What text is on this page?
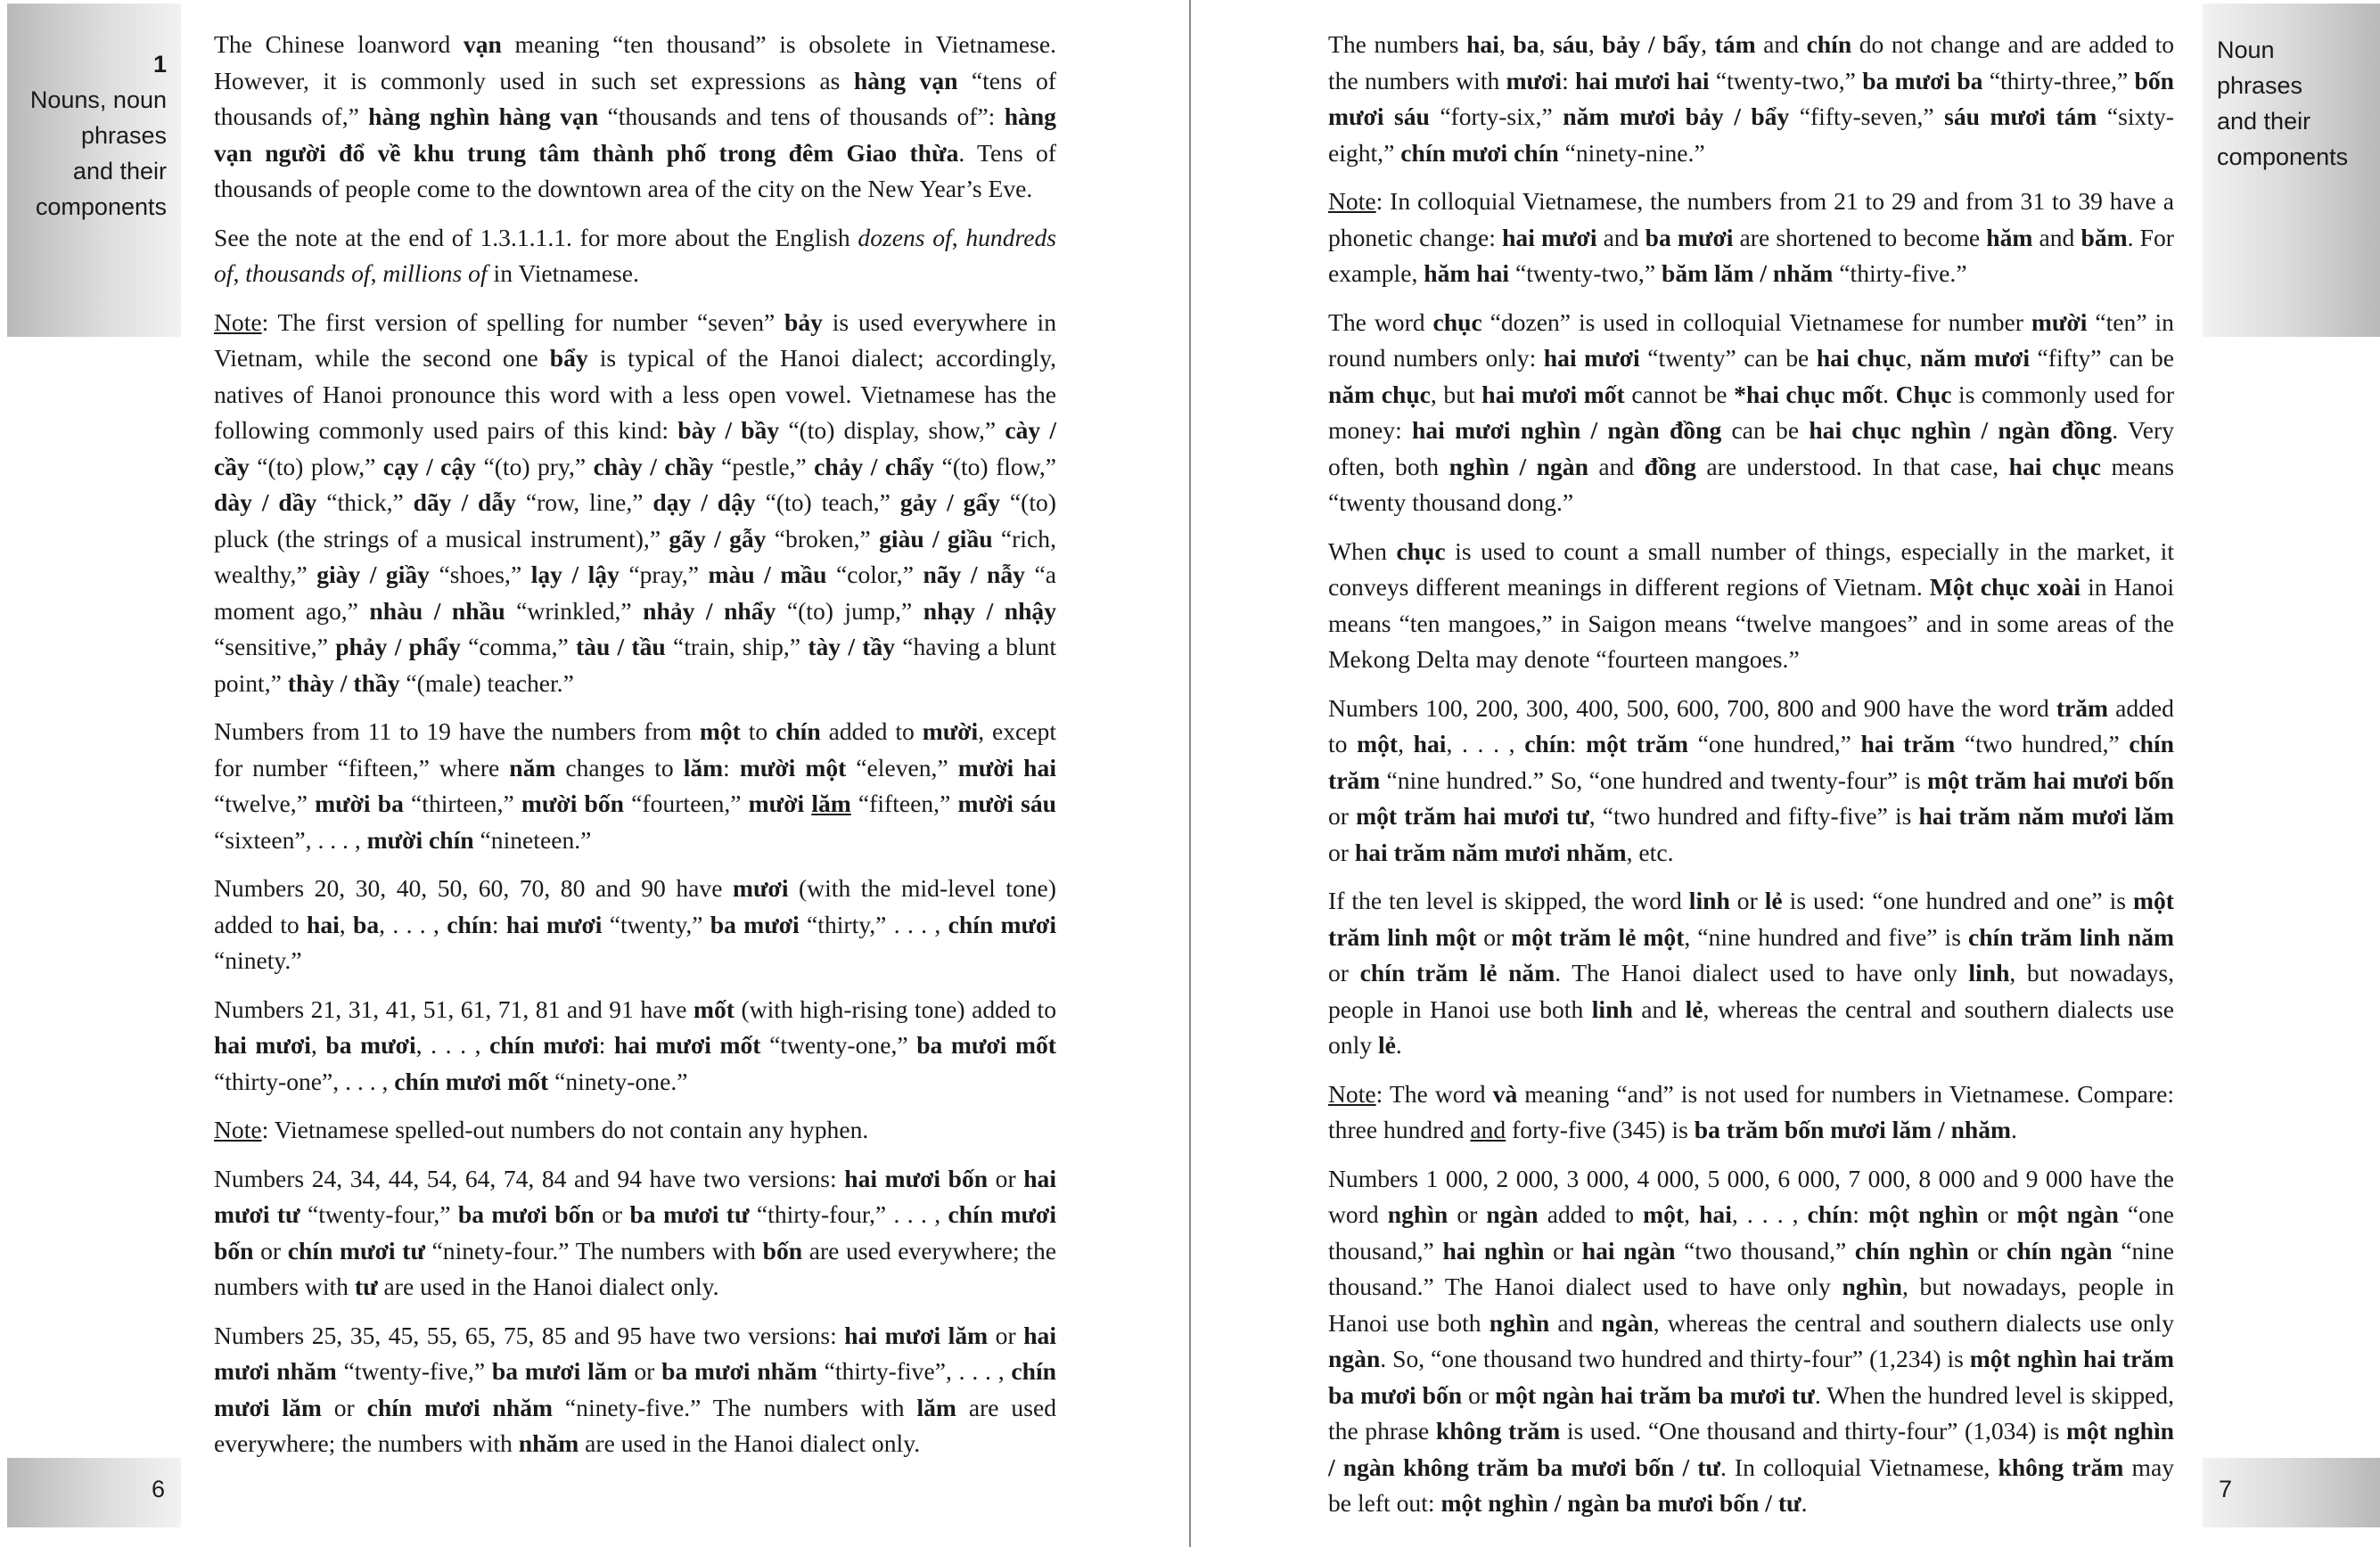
1
Nouns, noun
phrases
and their
components
6

The Chinese loanword vạn meaning “ten thousand” is obsolete in Vietnamese. However, it is commonly used in such set expressions as hàng vạn “tens of thousands of,” hàng nghìn hàng vạn “thousands and tens of thousands of”: hàng vạn người đổ về khu trung tâm thành phố trong đêm Giao thừa. Tens of thousands of people come to the downtown area of the city on the New Year’s Eve.

See the note at the end of 1.3.1.1.1. for more about the English dozens of, hundreds of, thousands of, millions of in Vietnamese.

Note: The first version of spelling for number “seven” bảy is used everywhere in Vietnam, while the second one bẩy is typical of the Hanoi dialect; accordingly, natives of Hanoi pronounce this word with a less open vowel. Vietnamese has the following commonly used pairs of this kind: bày / bầy “(to) display, show,” cày / cầy “(to) plow,” cạy / cậy “(to) pry,” chày / chầy “pestle,” chảy / chẩy “(to) flow,” dày / dầy “thick,” dãy / dẫy “row, line,” dạy / dậy “(to) teach,” gảy / gẩy “(to) pluck (the strings of a musical instrument),” gãy / gẫy “broken,” giàu / giầu “rich, wealthy,” giày / giầy “shoes,” lạy / lậy “pray,” màu / mầu “color,” nãy / nẫy “a moment ago,” nhàu / nhầu “wrinkled,” nhảy / nhẩy “(to) jump,” nhạy / nhậy “sensitive,” phảy / phẩy “comma,” tàu / tầu “train, ship,” tày / tầy “having a blunt point,” thày / thầy “(male) teacher.”

Numbers from 11 to 19 have the numbers from một to chín added to mười, except for number “fifteen,” where năm changes to lăm: mười một “eleven,” mười hai “twelve,” mười ba “thirteen,” mười bốn “fourteen,” mười lăm “fifteen,” mười sáu “sixteen”, . . . , mười chín “nineteen.”

Numbers 20, 30, 40, 50, 60, 70, 80 and 90 have mươi (with the mid-level tone) added to hai, ba, . . . , chín: hai mươi “twenty,” ba mươi “thirty,” . . . , chín mươi “ninety.”

Numbers 21, 31, 41, 51, 61, 71, 81 and 91 have mốt (with high-rising tone) added to hai mươi, ba mươi, . . . , chín mươi: hai mươi mốt “twenty-one,” ba mươi mốt “thirty-one”, . . . , chín mươi mốt “ninety-one.”

Note: Vietnamese spelled-out numbers do not contain any hyphen.

Numbers 24, 34, 44, 54, 64, 74, 84 and 94 have two versions: hai mươi bốn or hai mươi tư “twenty-four,” ba mươi bốn or ba mươi tư “thirty-four,” . . . , chín mươi bốn or chín mươi tư “ninety-four.” The numbers with bốn are used everywhere; the numbers with tư are used in the Hanoi dialect only.

Numbers 25, 35, 45, 55, 65, 75, 85 and 95 have two versions: hai mươi lăm or hai mươi nhăm “twenty-five,” ba mươi lăm or ba mươi nhăm “thirty-five”, . . . , chín mươi lăm or chín mươi nhăm “ninety-five.” The numbers with lăm are used everywhere; the numbers with nhăm are used in the Hanoi dialect only.

Noun
phrases
and their
components
7

The numbers hai, ba, sáu, bảy / bẩy, tám and chín do not change and are added to the numbers with mươi: hai mươi hai “twenty-two,” ba mươi ba “thirty-three,” bốn mươi sáu “forty-six,” năm mươi bảy / bẩy “fifty-seven,” sáu mươi tám “sixty-eight,” chín mươi chín “ninety-nine.”

Note: In colloquial Vietnamese, the numbers from 21 to 29 and from 31 to 39 have a phonetic change: hai mươi and ba mươi are shortened to become hăm and băm. For example, hăm hai “twenty-two,” băm lăm / nhăm “thirty-five.”

The word chục “dozen” is used in colloquial Vietnamese for number mười “ten” in round numbers only: hai mươi “twenty” can be hai chục, năm mươi “fifty” can be năm chục, but hai mươi mốt cannot be *hai chục mốt. Chục is commonly used for money: hai mươi nghìn / ngàn đồng can be hai chục nghìn / ngàn đồng. Very often, both nghìn / ngàn and đồng are understood. In that case, hai chục means “twenty thousand dong.”

When chục is used to count a small number of things, especially in the market, it conveys different meanings in different regions of Vietnam. Một chục xoài in Hanoi means “ten mangoes,” in Saigon means “twelve mangoes” and in some areas of the Mekong Delta may denote “fourteen mangoes.”

Numbers 100, 200, 300, 400, 500, 600, 700, 800 and 900 have the word trăm added to một, hai, . . . , chín: một trăm “one hundred,” hai trăm “two hundred,” chín trăm “nine hundred.” So, “one hundred and twenty-four” is một trăm hai mươi bốn or một trăm hai mươi tư, “two hundred and fifty-five” is hai trăm năm mươi lăm or hai trăm năm mươi nhăm, etc.

If the ten level is skipped, the word linh or lẻ is used: “one hundred and one” is một trăm linh một or một trăm lẻ một, “nine hundred and five” is chín trăm linh năm or chín trăm lẻ năm. The Hanoi dialect used to have only linh, but nowadays, people in Hanoi use both linh and lẻ, whereas the central and southern dialects use only lẻ.

Note: The word và meaning “and” is not used for numbers in Vietnamese. Compare: three hundred and forty-five (345) is ba trăm bốn mươi lăm / nhăm.

Numbers 1 000, 2 000, 3 000, 4 000, 5 000, 6 000, 7 000, 8 000 and 9 000 have the word nghìn or ngàn added to một, hai, . . . , chín: một nghìn or một ngàn “one thousand,” hai nghìn or hai ngàn “two thousand,” chín nghìn or chín ngàn “nine thousand.” The Hanoi dialect used to have only nghìn, but nowadays, people in Hanoi use both nghìn and ngàn, whereas the central and southern dialects use only ngàn. So, “one thousand two hundred and thirty-four” (1,234) is một nghìn hai trăm ba mươi bốn or một ngàn hai trăm ba mươi tư. When the hundred level is skipped, the phrase không trăm is used. “One thousand and thirty-four” (1,034) is một nghìn / ngàn không trăm ba mươi bốn / tư. In colloquial Vietnamese, không trăm may be left out: một nghìn / ngàn ba mươi bốn / tư.
